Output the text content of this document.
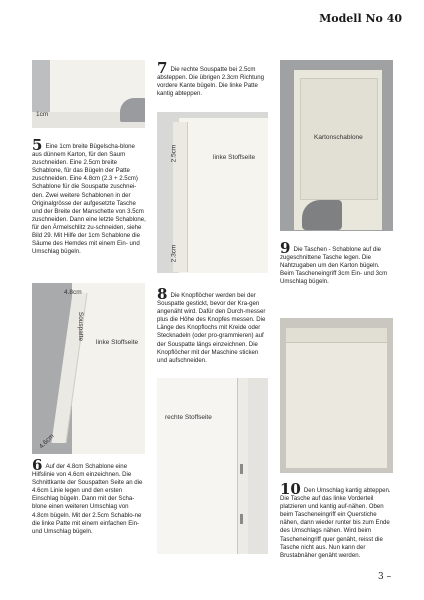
Modell No 40
1cm
5 Eine 1cm breite Bügelscha-blone aus dünnem Karton, für den Saum zuschneiden. Eine 2.5cm breite Schablone, für das Bügeln der Patte zuschneiden. Eine 4.8cm (2.3 + 2.5cm) Schablone für die Souspatte zuschnei-den. Zwei weitere Schablonen in der Originalgrösse der aufgesetzte Tasche und der Breite der Manschette von 3.5cm zuschneiden. Dann eine letzte Schablone, für den Ärmelschlitz zu-schneiden, siehe Bild 29. Mit Hilfe der 1cm Schablone die Säume des Hemdes mit einem Ein- und Umschlag bügeln.
7 Die rechte Souspatte bei 2.5cm absteppen. Die übrigen 2.3cm Richtung vordere Kante bügeln. Die linke Patte kantig abteppen.
2.5cm	linke Stoffseite
2.3cm
Kartonschablone
9 Die Taschen - Schablone auf die zugeschnittene Tasche legen. Die Nahtzugaben um den Karton bügeln. Beim Tascheneingriff 3cm Ein- und 3cm Umschlag bügeln.
4.8cm
Souspatte
linke Stoffseite
4.6cm
6 Auf der 4.8cm Schablone eine Hilfslinie von 4.6cm einzeichnen. Die Schnittkante der Souspatten Seite an die 4.6cm Linie legen und den ersten Einschlag bügeln. Dann mit der Scha-blone einen weiteren Umschlag von 4.8cm bügeln. Mit der 2.5cm Schablo-ne die linke Patte mit einem einfachen Ein- und Umschlag bügeln.
8 Die Knopflöcher werden bei der Souspatte gestickt, bevor der Kra-gen angenäht wird. Dafür den Durch-messer plus die Höhe des Knopfes messen. Die Länge des Knopflochs mit Kreide oder Stecknadeln (oder pro-grammieren) auf der Souspatte längs einzeichnen. Die Knopflöcher mit der Maschine sticken und aufschneiden.
rechte Stoffseite
10 Den Umschlag kantig abteppen. Die Tasche auf das linke Vorderteil platzieren und kantig auf-nähen. Oben beim Tascheneingriff ein Querstiche nähen, dann wieder runter bis zum Ende des Umschlags nähen. Wird beim Tascheneingriff quer genäht, reisst die Tasche nicht aus. Nun kann der Brustabnäher genäht werden.
3 –
